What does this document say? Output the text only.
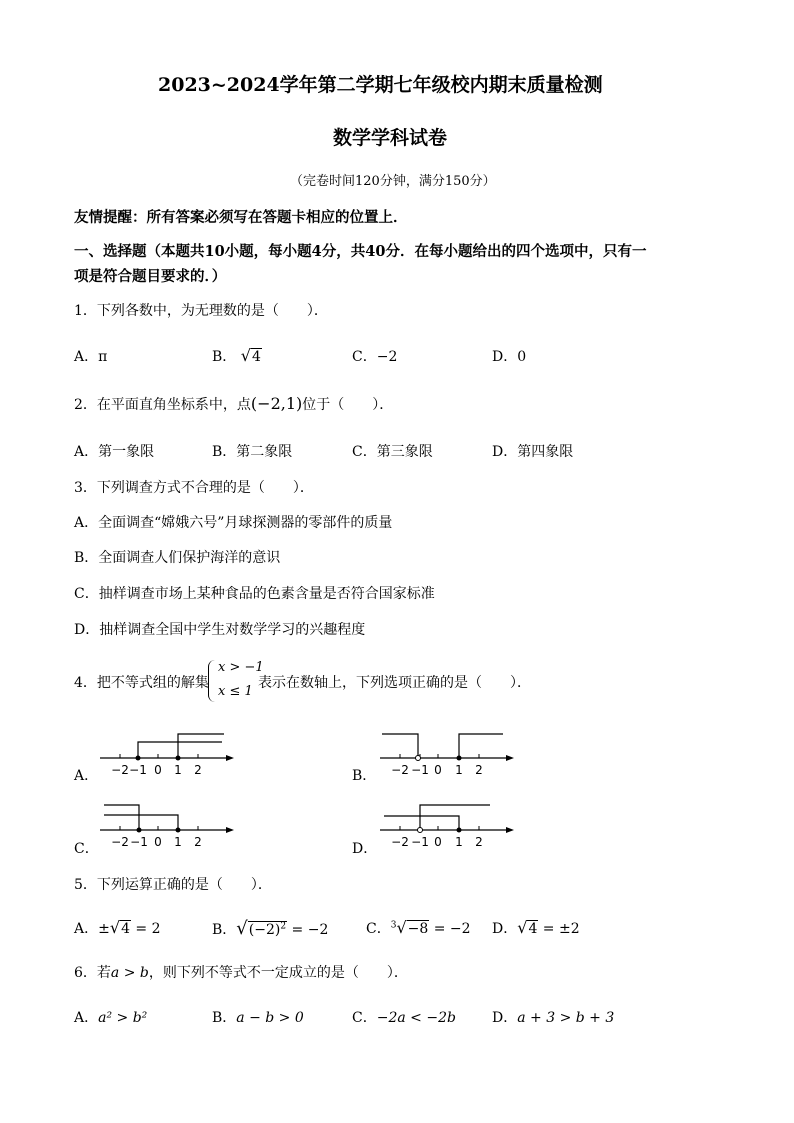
2023~2024学年第二学期七年级校内期末质量检测
数学学科试卷
（完卷时间120分钟，满分150分）
友情提醒：所有答案必须写在答题卡相应的位置上．
一、选择题（本题共10小题，每小题4分，共40分．在每小题给出的四个选项中，只有一
项是符合题目要求的．）
1．下列各数中，为无理数的是（　　）．
A．π	B． √4	C．−2	D．0
2．在平面直角坐标系中，点(−2,1)位于（　　）．
A．第一象限	B．第二象限	C．第三象限	D．第四象限
3．下列调查方式不合理的是（　　）．
A．全面调查“嫦娥六号”月球探测器的零部件的质量
B．全面调查人们保护海洋的意识
C．抽样调查市场上某种食品的色素含量是否符合国家标准
D．抽样调查全国中学生对数学学习的兴趣程度
4．把不等式组的解集
x > −1
x ≤ 1
表示在数轴上，下列选项正确的是（　　）．
A．	B．
C．	D．
−2 −1 0 1 2	−2 −1 0 1 2
−2 −1 0 1 2	−2 −1 0 1 2
5．下列运算正确的是（　　）．
A．±√4 = 2	B．$√(-2)^2 = -2$	C．$^3$√−8 = −2 D．√4 = ±2
6．若a > b，则下列不等式不一定成立的是（　　）．
A．a² > b²	B．a − b > 0	C．−2a < −2b	D．a + 3 > b + 3
